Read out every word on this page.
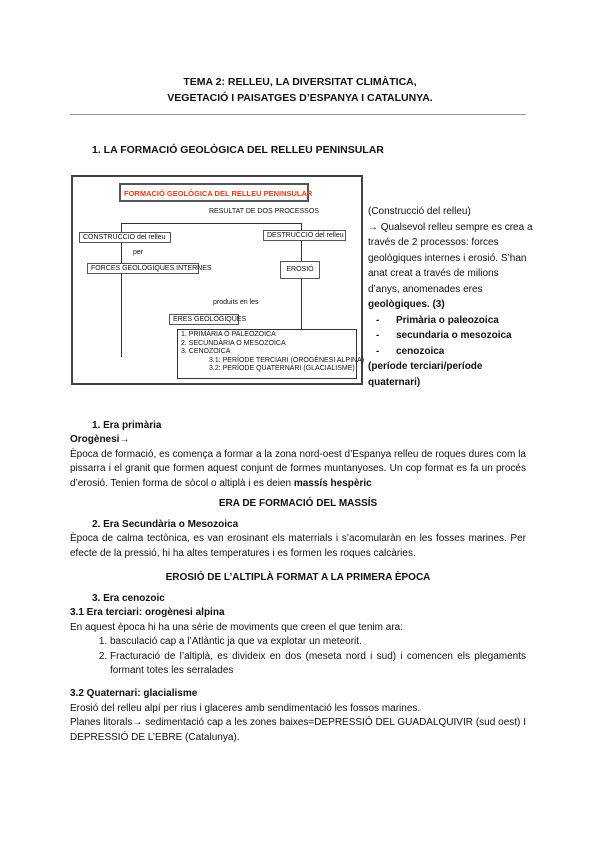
TEMA 2: RELLEU, LA DIVERSITAT CLIMÀTICA,
VEGETACIÓ I PAISATGES D’ESPANYA I CATALUNYA.
1. LA FORMACIÓ GEOLÒGICA DEL RELLEU PENINSULAR
FORMACIÓ GEOLÒGICA DEL RELLEU PENINSULAR
RESULTAT DE DOS PROCESSOS
CONSTRUCCIÓ del relleu
per
FORCES GEOLÒGIQUES INTERNES
DESTRUCCIÓ del relleu
EROSIÓ
produits en les
ERES GEOLÒGIQUES
1. PRIMÀRIA O PALEOZOICA
2. SECUNDÀRIA O MESOZOICA
3. CENOZOICA
3.1: PERÍODE TERCIARI (OROGÈNESI ALPINA)
3.2: PERÍODE QUATERNARI (GLACIALISME)
(Construcció del relleu)
→ Qualsevol relleu sempre es crea a través de 2 processos: forces geològiques internes i erosió. S’han anat creat a través de milions d’anys, anomenades eres geològiques. (3)
- Primària o paleozoica
- secundaria o mesozoica
- cenozoica
(període terciari/període quaternari)
1. Era primària
Orogènesi→
Època de formació, es comença a formar a la zona nord-oest d’Espanya relleu de roques dures com la pissarra i el granit que formen aquest conjunt de formes muntanyoses. Un cop format es fa un procés d’erosió. Tenien forma de sòcol o altiplà i es deien massís hespèric
ERA DE FORMACIÓ DEL MASSÍS
2. Era Secundària o Mesozoica
Època de calma tectònica, es van erosinant els materrials i s’acomularàn en les fosses marines. Per efecte de la pressió, hi ha altes temperatures i es formen les roques calcàries.
EROSIÓ DE L’ALTIPLÀ FORMAT A LA PRIMERA ÈPOCA
3. Era cenozoic
3.1 Era terciari: orogènesi alpina
En aquest època hi ha una sèrie de moviments que creen el que tenim ara:
1. basculació cap a l’Atlàntic ja que va explotar un meteorit.
2. Fracturació de l’altiplà, es divideix en dos (meseta nord i sud) i comencen els plegaments formant totes les serralades
3.2 Quaternari: glacialisme
Erosió del relleu alpí per rius i glaceres amb sendimentació les fossos marines.
Planes litorals→ sedimentació cap a les zones baixes=DEPRESSIÓ DEL GUADALQUIVIR (sud oest) I DEPRESSIÓ DE L’EBRE (Catalunya).
